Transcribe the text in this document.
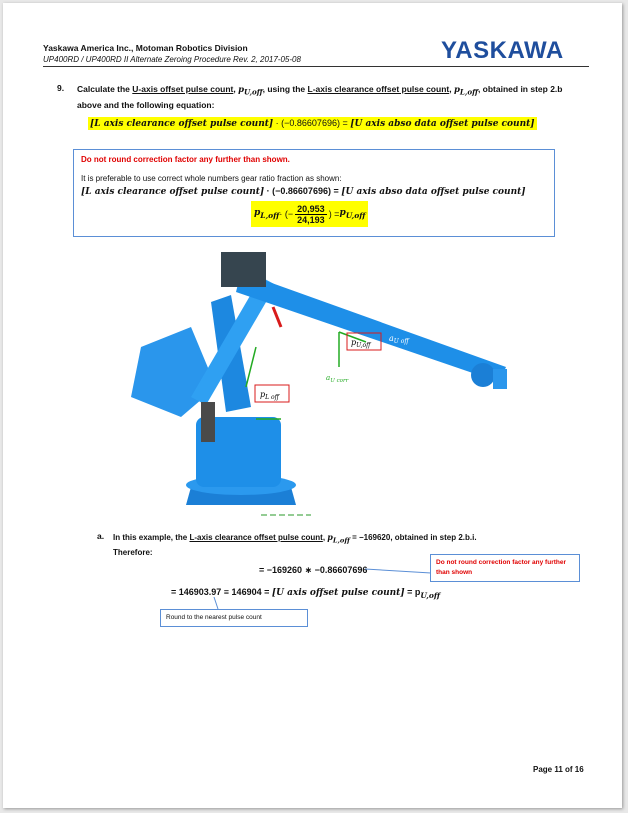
Yaskawa America Inc., Motoman Robotics Division
UP400RD / UP400RD II Alternate Zeroing Procedure Rev. 2, 2017-05-08	YASKAWA
9. Calculate the U-axis offset pulse count, $p_{U,off}$, using the L-axis clearance offset pulse count, $p_{L,off}$, obtained in step 2.b above and the following equation:
[L axis clearance offset pulse count] · (−0.86607696) = [U axis abso data offset pulse count]
Do not round correction factor any further than shown.
It is preferable to use correct whole numbers gear ratio fraction as shown:
[L axis clearance offset pulse count] · (−0.86607696) = [U axis abso data offset pulse count]
$p_{L,off}$ · (− $\frac{20,953}{24,193}$ ) = $p_{U,off}$
$p_{U,off}$
$a_{U off}$
$a_{U corr}$
$p_{L off}$
a. In this example, the L-axis clearance offset pulse count, $p_{L,off} = -169620$, obtained in step 2.b.i.
Therefore:
= −169260 ∗ −0.86607696
Do not round correction factor any further than shown
= 146903.97 ≡ 146904 = [U axis offset pulse count] = $p_{U,off}$
Round to the nearest pulse count
Page 11 of 16
